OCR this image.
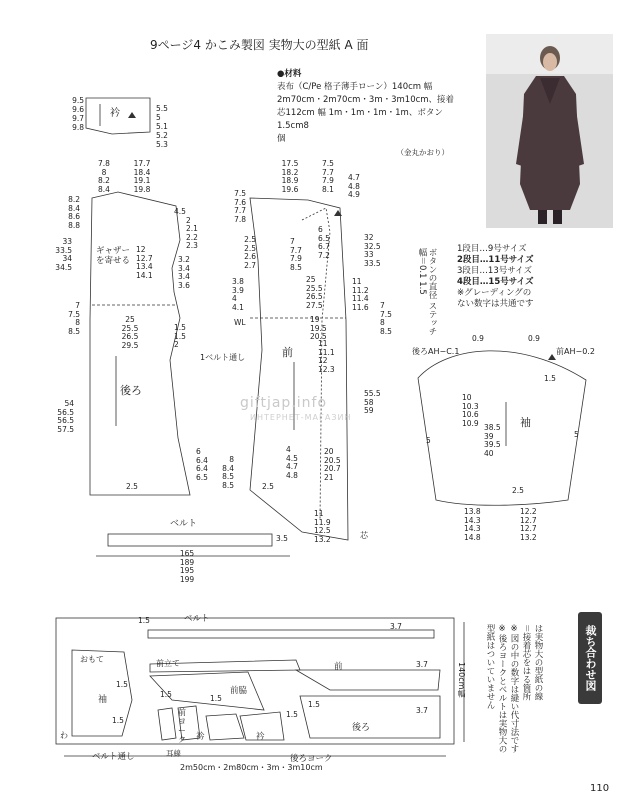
9ページ4 かこみ製図 実物大の型紙 A 面
●材料
表布（C/Pe 格子薄手ローン）140cm 幅
2m70cm・2m70cm・3m・3m10cm、接着
芯112cm 幅 1m・1m・1m・1m、ボタン 1.5cm8
個
（金丸かおり）
ボタンの直径 ステッチ幅＝0.1 1.5	1段目…9号サイズ
2段目…11号サイズ
3段目…13号サイズ
4段目…15号サイズ
※グレーディングの
ない数字は共通です
衿
9.5
9.6
9.7
9.8
5.5
5
5.1
5.2
5.3
7.8
8
8.2
8.4
17.7
18.4
19.1
19.8
8.2
8.4
8.6
8.8
33
33.5
34
34.5
4.5
2
2.1
2.2
2.3
ギャザーを寄せる
12
12.7
13.4
14.1
3.2
3.4
3.4
3.6
25
25.5
26.5
29.5
1.5
1.5
2
7
7.5
8
8.5
後ろ
1ベルト通し
54
56.5
56.5
57.5
6
6.4
6.4
6.5
2.5
17.5
18.2
18.9
19.6
7.5
7.7
7.9
8.1
4.7
4.8
4.9
7.5
7.6
7.7
7.8
6
6.5
6.7
7.2
7
7.7
7.9
8.5
32
32.5
33
33.5
2.5
2.5
2.6
2.7
3.8
3.9
4
4.1
WL
25
25.5
26.5
27.5
11
11.2
11.4
11.6
19
19.5
20.5
11
11.1
12
12.3
前
7
7.5
8
8.5
55.5
58
59
4
4.5
4.7
4.8
20
20.5
20.7
21
8
8.4
8.5
8.5	2.5
11
11.9
12.5
13.2	芯
後ろAH−C.1	前AH−0.2
0.9	0.9
1.5
10
10.3
10.6
10.9 38.5
39
39.5
40
袖
5
5
2.5
13.8
14.3
14.3
14.8
12.2
12.7
12.7
13.2
ベルト
3.5
165
189
195
199
ベルト
おもて	前立て	前
前脇
袖
後ろ
後ろヨーク
ベルト通し
衿	衿
前ヨーク
わ
耳線
1.5
1.5
1.5
3.7
3.7
1.5
1.5
3.7
1.5
1.5	140cm幅
2m50cm・2m80cm・3m・3m10cm
は実物大の型紙の線
＝接着芯をはる箇所
※図の中の数字は縫い代寸法です
※後ろヨークとベルトは実物大の
型紙はついていません	裁ち合わせ図
giftjap.info
ИНТЕРНЕТ-МАГАЗИН
110
